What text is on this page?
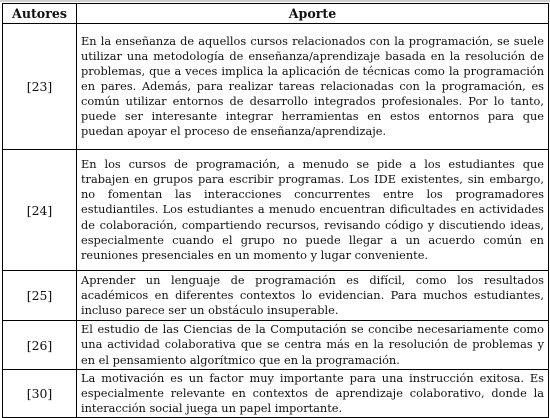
Autores	Aporte
[23]	En la enseñanza de aquellos cursos relacionados con la programación, se suele utilizar una metodología de enseñanza/aprendizaje basada en la resolución de problemas, que a veces implica la aplicación de técnicas como la programación en pares. Además, para realizar tareas relacionadas con la programación, es común utilizar entornos de desarrollo integrados profesionales. Por lo tanto, puede ser interesante integrar herramientas en estos entornos para que puedan apoyar el proceso de enseñanza/aprendizaje.
[24]	En los cursos de programación, a menudo se pide a los estudiantes que trabajen en grupos para escribir programas. Los IDE existentes, sin embargo, no fomentan las interacciones concurrentes entre los programadores estudiantiles. Los estudiantes a menudo encuentran dificultades en actividades de colaboración, compartiendo recursos, revisando código y discutiendo ideas, especialmente cuando el grupo no puede llegar a un acuerdo común en reuniones presenciales en un momento y lugar conveniente.
[25]	Aprender un lenguaje de programación es difícil, como los resultados académicos en diferentes contextos lo evidencian. Para muchos estudiantes, incluso parece ser un obstáculo insuperable.
[26]	El estudio de las Ciencias de la Computación se concibe necesariamente como una actividad colaborativa que se centra más en la resolución de problemas y en el pensamiento algorítmico que en la programación.
[30]	La motivación es un factor muy importante para una instrucción exitosa. Es especialmente relevante en contextos de aprendizaje colaborativo, donde la interacción social juega un papel importante.
